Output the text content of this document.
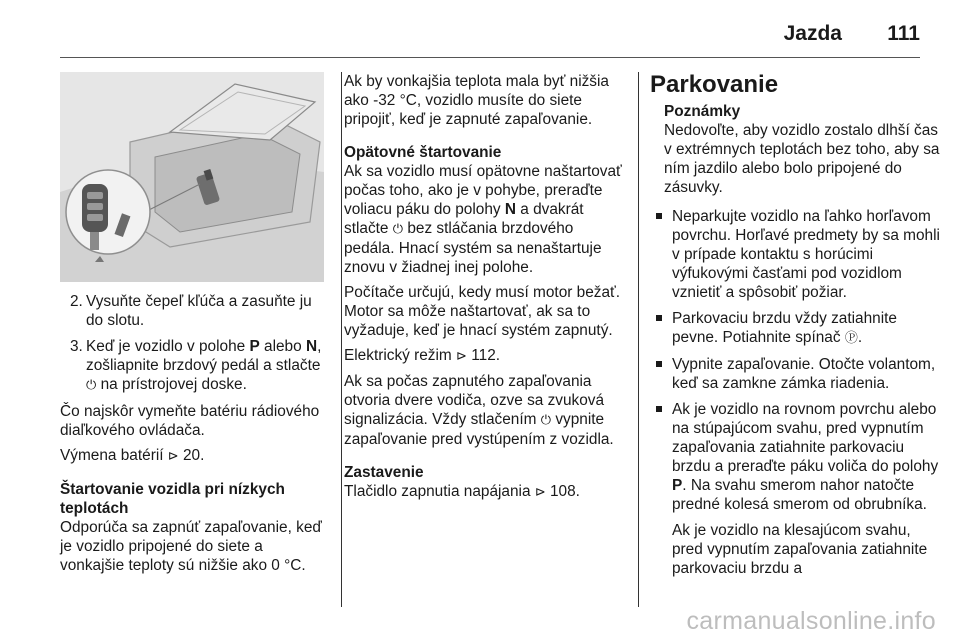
Jazda 111
2. Vysuňte čepeľ kľúča a zasuňte ju do slotu.
3. Keď je vozidlo v polohe P alebo N, zošliapnite brzdový pedál a stlačte ⏻ na prístrojovej doske.
Čo najskôr vymeňte batériu rádiového diaľkového ovládača.
Výmena batérií ⊳ 20.
Štartovanie vozidla pri nízkych teplotách
Odporúča sa zapnúť zapaľovanie, keď je vozidlo pripojené do siete a vonkajšie teploty sú nižšie ako 0 °C.
Ak by vonkajšia teplota mala byť nižšia ako -32 °C, vozidlo musíte do siete pripojiť, keď je zapnuté zapaľovanie.
Opätovné štartovanie
Ak sa vozidlo musí opätovne naštartovať počas toho, ako je v pohybe, preraďte voliacu páku do polohy N a dvakrát stlačte ⏻ bez stláčania brzdového pedála. Hnací systém sa nenaštartuje znovu v žiadnej inej polohe.
Počítače určujú, kedy musí motor bežať. Motor sa môže naštartovať, ak sa to vyžaduje, keď je hnací systém zapnutý.
Elektrický režim ⊳ 112.
Ak sa počas zapnutého zapaľovania otvoria dvere vodiča, ozve sa zvuková signalizácia. Vždy stlačením ⏻ vypnite zapaľovanie pred vystúpením z vozidla.
Zastavenie
Tlačidlo zapnutia napájania ⊳ 108.
Parkovanie
Poznámky
Nedovoľte, aby vozidlo zostalo dlhší čas v extrémnych teplotách bez toho, aby sa ním jazdilo alebo bolo pripojené do zásuvky.
Neparkujte vozidlo na ľahko horľavom povrchu. Horľavé predmety by sa mohli v prípade kontaktu s horúcimi výfukovými časťami pod vozidlom vznietiť a spôsobiť požiar.
Parkovaciu brzdu vždy zatiahnite pevne. Potiahnite spínač Ⓟ.
Vypnite zapaľovanie. Otočte volantom, keď sa zamkne zámka riadenia.
Ak je vozidlo na rovnom povrchu alebo na stúpajúcom svahu, pred vypnutím zapaľovania zatiahnite parkovaciu brzdu a preraďte páku voliča do polohy P. Na svahu smerom nahor natočte predné kolesá smerom od obrubníka.
Ak je vozidlo na klesajúcom svahu, pred vypnutím zapaľovania zatiahnite parkovaciu brzdu a
carmanualsonline.info
